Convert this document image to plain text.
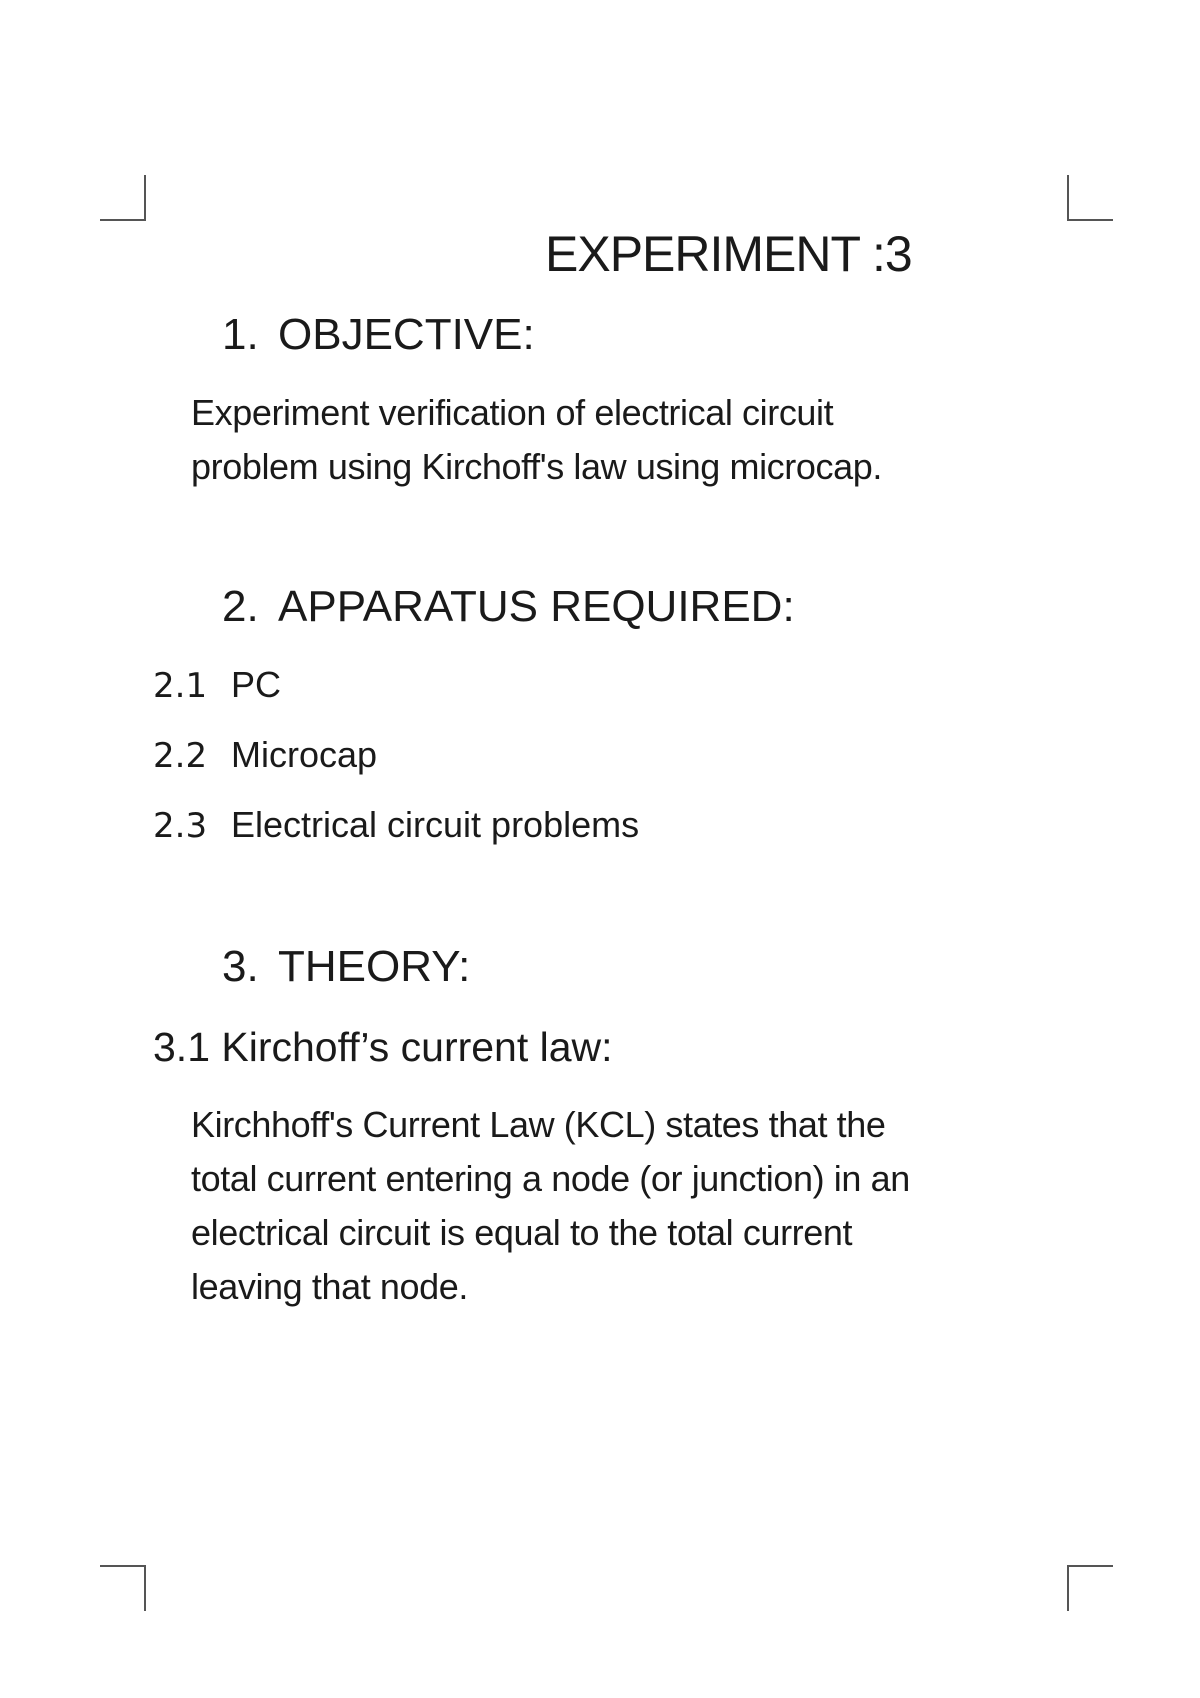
EXPERIMENT :3
1. OBJECTIVE:
Experiment verification of electrical circuit
problem using Kirchoff's law using microcap.
2. APPARATUS REQUIRED:
2.1 PC
2.2 Microcap
2.3 Electrical circuit problems
3. THEORY:
3.1 Kirchoff’s current law:
Kirchhoff's Current Law (KCL) states that the
total current entering a node (or junction) in an
electrical circuit is equal to the total current
leaving that node.
